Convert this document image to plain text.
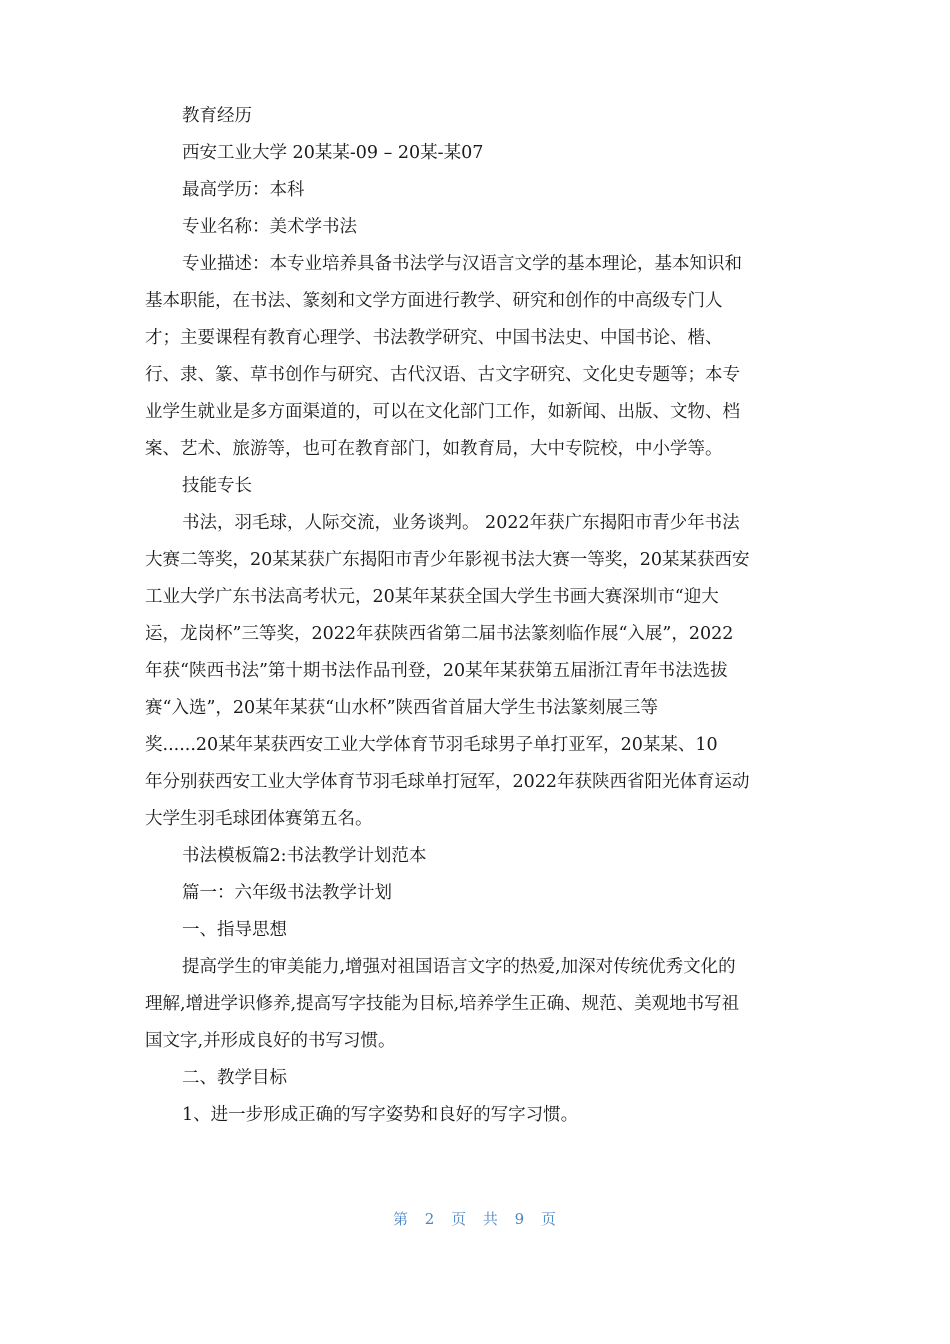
教育经历

西安工业大学 20某某-09 – 20某-某07

最高学历：本科

专业名称：美术学书法

专业描述：本专业培养具备书法学与汉语言文学的基本理论，基本知识和
基本职能，在书法、篆刻和文学方面进行教学、研究和创作的中高级专门人
才；主要课程有教育心理学、书法教学研究、中国书法史、中国书论、楷、
行、隶、篆、草书创作与研究、古代汉语、古文字研究、文化史专题等；本专
业学生就业是多方面渠道的，可以在文化部门工作，如新闻、出版、文物、档
案、艺术、旅游等，也可在教育部门，如教育局，大中专院校，中小学等。

技能专长

书法，羽毛球，人际交流，业务谈判。 2022年获广东揭阳市青少年书法
大赛二等奖，20某某获广东揭阳市青少年影视书法大赛一等奖，20某某获西安
工业大学广东书法高考状元，20某年某获全国大学生书画大赛深圳市“迎大
运，龙岗杯”三等奖，2022年获陕西省第二届书法篆刻临作展“入展”，2022
年获“陕西书法”第十期书法作品刊登，20某年某获第五届浙江青年书法选拔
赛“入选”，20某年某获“山水杯”陕西省首届大学生书法篆刻展三等
奖......20某年某获西安工业大学体育节羽毛球男子单打亚军，20某某、10
年分别获西安工业大学体育节羽毛球单打冠军，2022年获陕西省阳光体育运动
大学生羽毛球团体赛第五名。

书法模板篇2:书法教学计划范本

篇一：六年级书法教学计划

一、指导思想

提高学生的审美能力,增强对祖国语言文字的热爱,加深对传统优秀文化的
理解,增进学识修养,提高写字技能为目标,培养学生正确、规范、美观地书写祖
国文字,并形成良好的书写习惯。

二、教学目标

1、进一步形成正确的写字姿势和良好的写字习惯。

第 2 页 共 9 页
